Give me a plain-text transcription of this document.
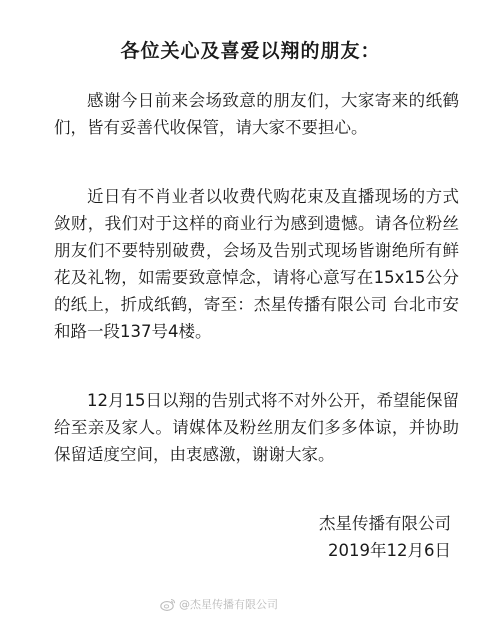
各位关心及喜爱以翔的朋友：

感谢今日前来会场致意的朋友们，大家寄来的纸鹤们，皆有妥善代收保管，请大家不要担心。

近日有不肖业者以收费代购花束及直播现场的方式敛财，我们对于这样的商业行为感到遗憾。请各位粉丝朋友们不要特别破费，会场及告别式现场皆谢绝所有鲜花及礼物，如需要致意悼念，请将心意写在15x15公分的纸上，折成纸鹤，寄至：杰星传播有限公司 台北市安和路一段137号4楼。

12月15日以翔的告别式将不对外公开，希望能保留给至亲及家人。请媒体及粉丝朋友们多多体谅，并协助保留适度空间，由衷感激，谢谢大家。

杰星传播有限公司
2019年12月6日
@杰星传播有限公司
